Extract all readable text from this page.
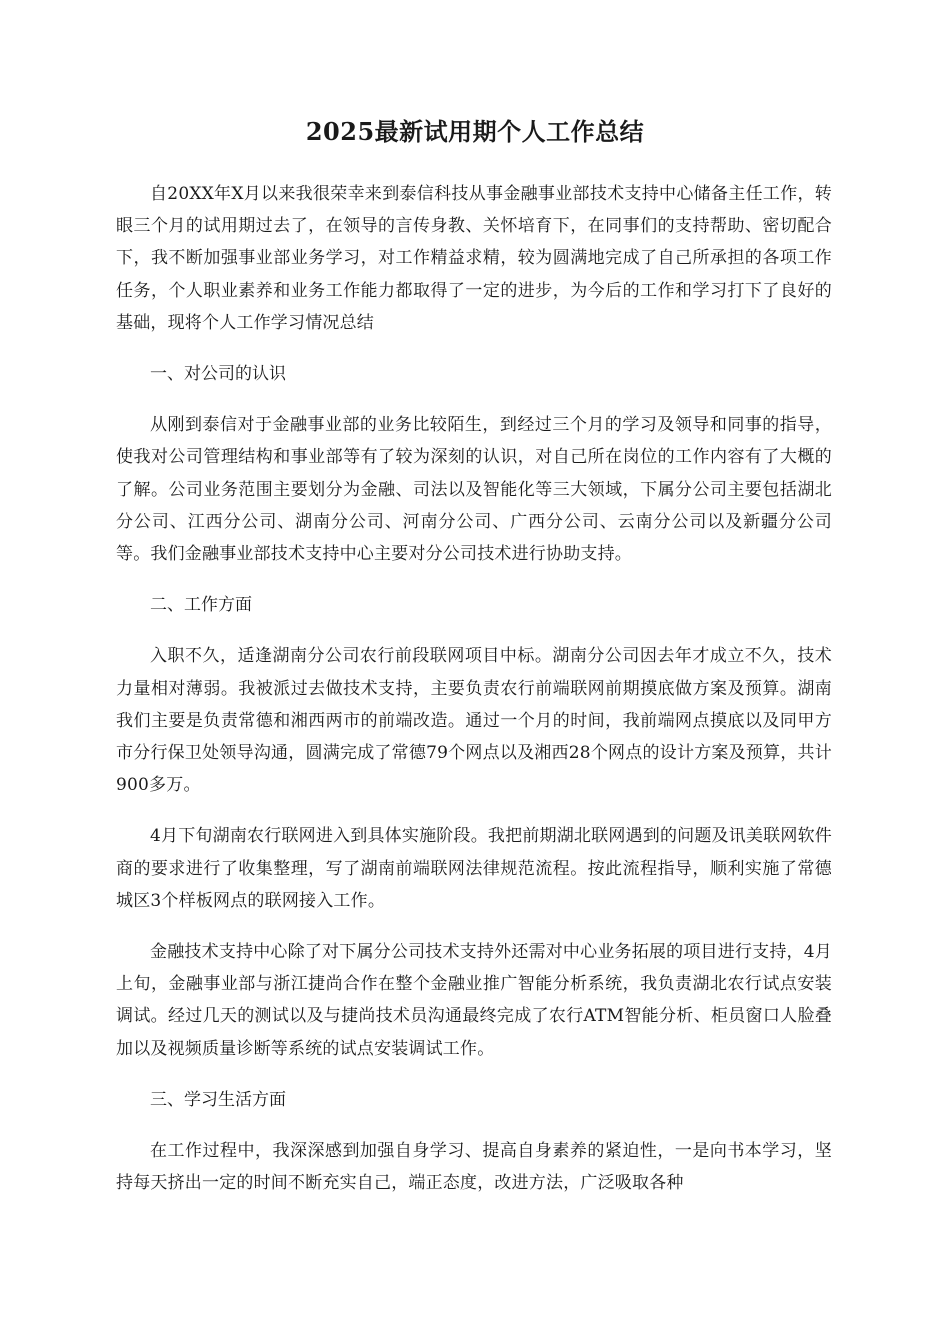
2025最新试用期个人工作总结

自20XX年X月以来我很荣幸来到泰信科技从事金融事业部技术支持中心储备主任工作，转眼三个月的试用期过去了，在领导的言传身教、关怀培育下，在同事们的支持帮助、密切配合下，我不断加强事业部业务学习，对工作精益求精，较为圆满地完成了自己所承担的各项工作任务，个人职业素养和业务工作能力都取得了一定的进步，为今后的工作和学习打下了良好的基础，现将个人工作学习情况总结

一、对公司的认识

从刚到泰信对于金融事业部的业务比较陌生，到经过三个月的学习及领导和同事的指导，使我对公司管理结构和事业部等有了较为深刻的认识，对自己所在岗位的工作内容有了大概的了解。公司业务范围主要划分为金融、司法以及智能化等三大领域，下属分公司主要包括湖北分公司、江西分公司、湖南分公司、河南分公司、广西分公司、云南分公司以及新疆分公司等。我们金融事业部技术支持中心主要对分公司技术进行协助支持。

二、工作方面

入职不久，适逢湖南分公司农行前段联网项目中标。湖南分公司因去年才成立不久，技术力量相对薄弱。我被派过去做技术支持，主要负责农行前端联网前期摸底做方案及预算。湖南我们主要是负责常德和湘西两市的前端改造。通过一个月的时间，我前端网点摸底以及同甲方市分行保卫处领导沟通，圆满完成了常德79个网点以及湘西28个网点的设计方案及预算，共计900多万。

4月下旬湖南农行联网进入到具体实施阶段。我把前期湖北联网遇到的问题及讯美联网软件商的要求进行了收集整理，写了湖南前端联网法律规范流程。按此流程指导，顺利实施了常德城区3个样板网点的联网接入工作。

金融技术支持中心除了对下属分公司技术支持外还需对中心业务拓展的项目进行支持，4月上旬，金融事业部与浙江捷尚合作在整个金融业推广智能分析系统，我负责湖北农行试点安装调试。经过几天的测试以及与捷尚技术员沟通最终完成了农行ATM智能分析、柜员窗口人脸叠加以及视频质量诊断等系统的试点安装调试工作。

三、学习生活方面

在工作过程中，我深深感到加强自身学习、提高自身素养的紧迫性，一是向书本学习，坚持每天挤出一定的时间不断充实自己，端正态度，改进方法，广泛吸取各种
